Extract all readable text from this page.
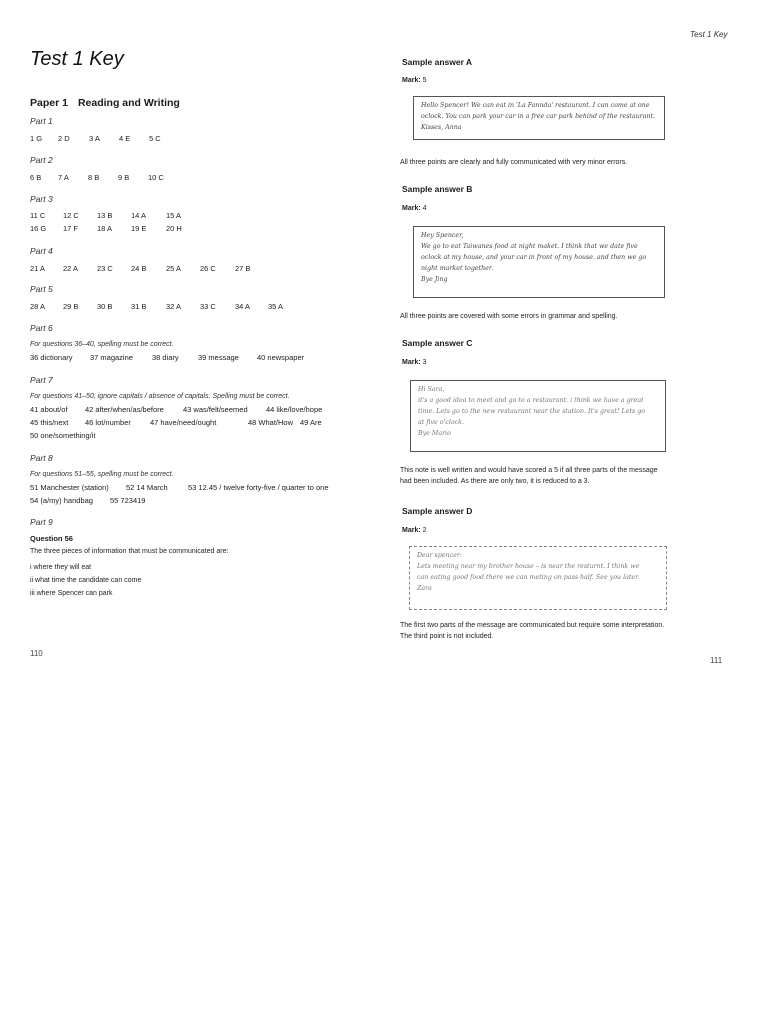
Test 1 Key
Test 1 Key
Paper 1 Reading and Writing
Part 1
1 G 2 D	3 A	4 E 5 C
Part 2
6 B 7 A	8 B 9 B 10 C
Part 3
11 C 12 C 13 B 14 A	15 A
16 G 17 F	18 A	19 E	20 H
Part 4
21 A 22 A	23 C 24 B	25 A	26 C	27 B
Part 5
28 A 29 B 30 B 31 B	32 A	33 C	34 A 35 A
Part 6
For questions 36–40, spelling must be correct.
36 dictionary 37 magazine	38 diary	39 message 40 newspaper
Part 7
For questions 41–50, ignore capitals / absence of capitals. Spelling must be correct.
41 about/of 42 after/when/as/before	43 was/felt/seemed 44 like/love/hope
45 this/next 46 lot/number	47 have/need/ought	48 What/How 49 Are
50 one/something/it
Part 8
For questions 51–55, spelling must be correct.
51 Manchester (station) 52 14 March	53 12.45 / twelve forty-five / quarter to one
54 (a/my) handbag 55 723419
Part 9
Question 56
The three pieces of information that must be communicated are:
i where they will eat
ii what time the candidate can come
iii where Spencer can park
110
Sample answer A
Mark: 5
Hello Spencer! We can eat in 'La Fannda' restaurant. I can come at one
oclock. You can park your car in a free car park behind of the restaurant.
Kisses, Anna
All three points are clearly and fully communicated with very minor errors.
Sample answer B
Mark: 4
Hey Spencer,
We go to eat Taiwanes food at night maket. I think that we date five
oclock at my house, and your car in front of my house. and then we go
night market together.
Bye Jing
All three points are covered with some errors in grammar and spelling.
Sample answer C
Mark: 3
Hi Sara,
it's a good idea to meet and go to a restaurant. i think we have a great
time. Lets go to the new restaurant near the station. It's great! Lets go
at five o'clock.
Bye Mario
This note is well written and would have scored a 5 if all three parts of the message
had been included. As there are only two, it is reduced to a 3.
Sample answer D
Mark: 2
Dear spencer:
Lets meeting near my brother house – is near the resturnt. I think we
can eating good food there we can meting on pass half. See you later.
Zara
The first two parts of the message are communicated but require some interpretation.
The third point is not included.
111
